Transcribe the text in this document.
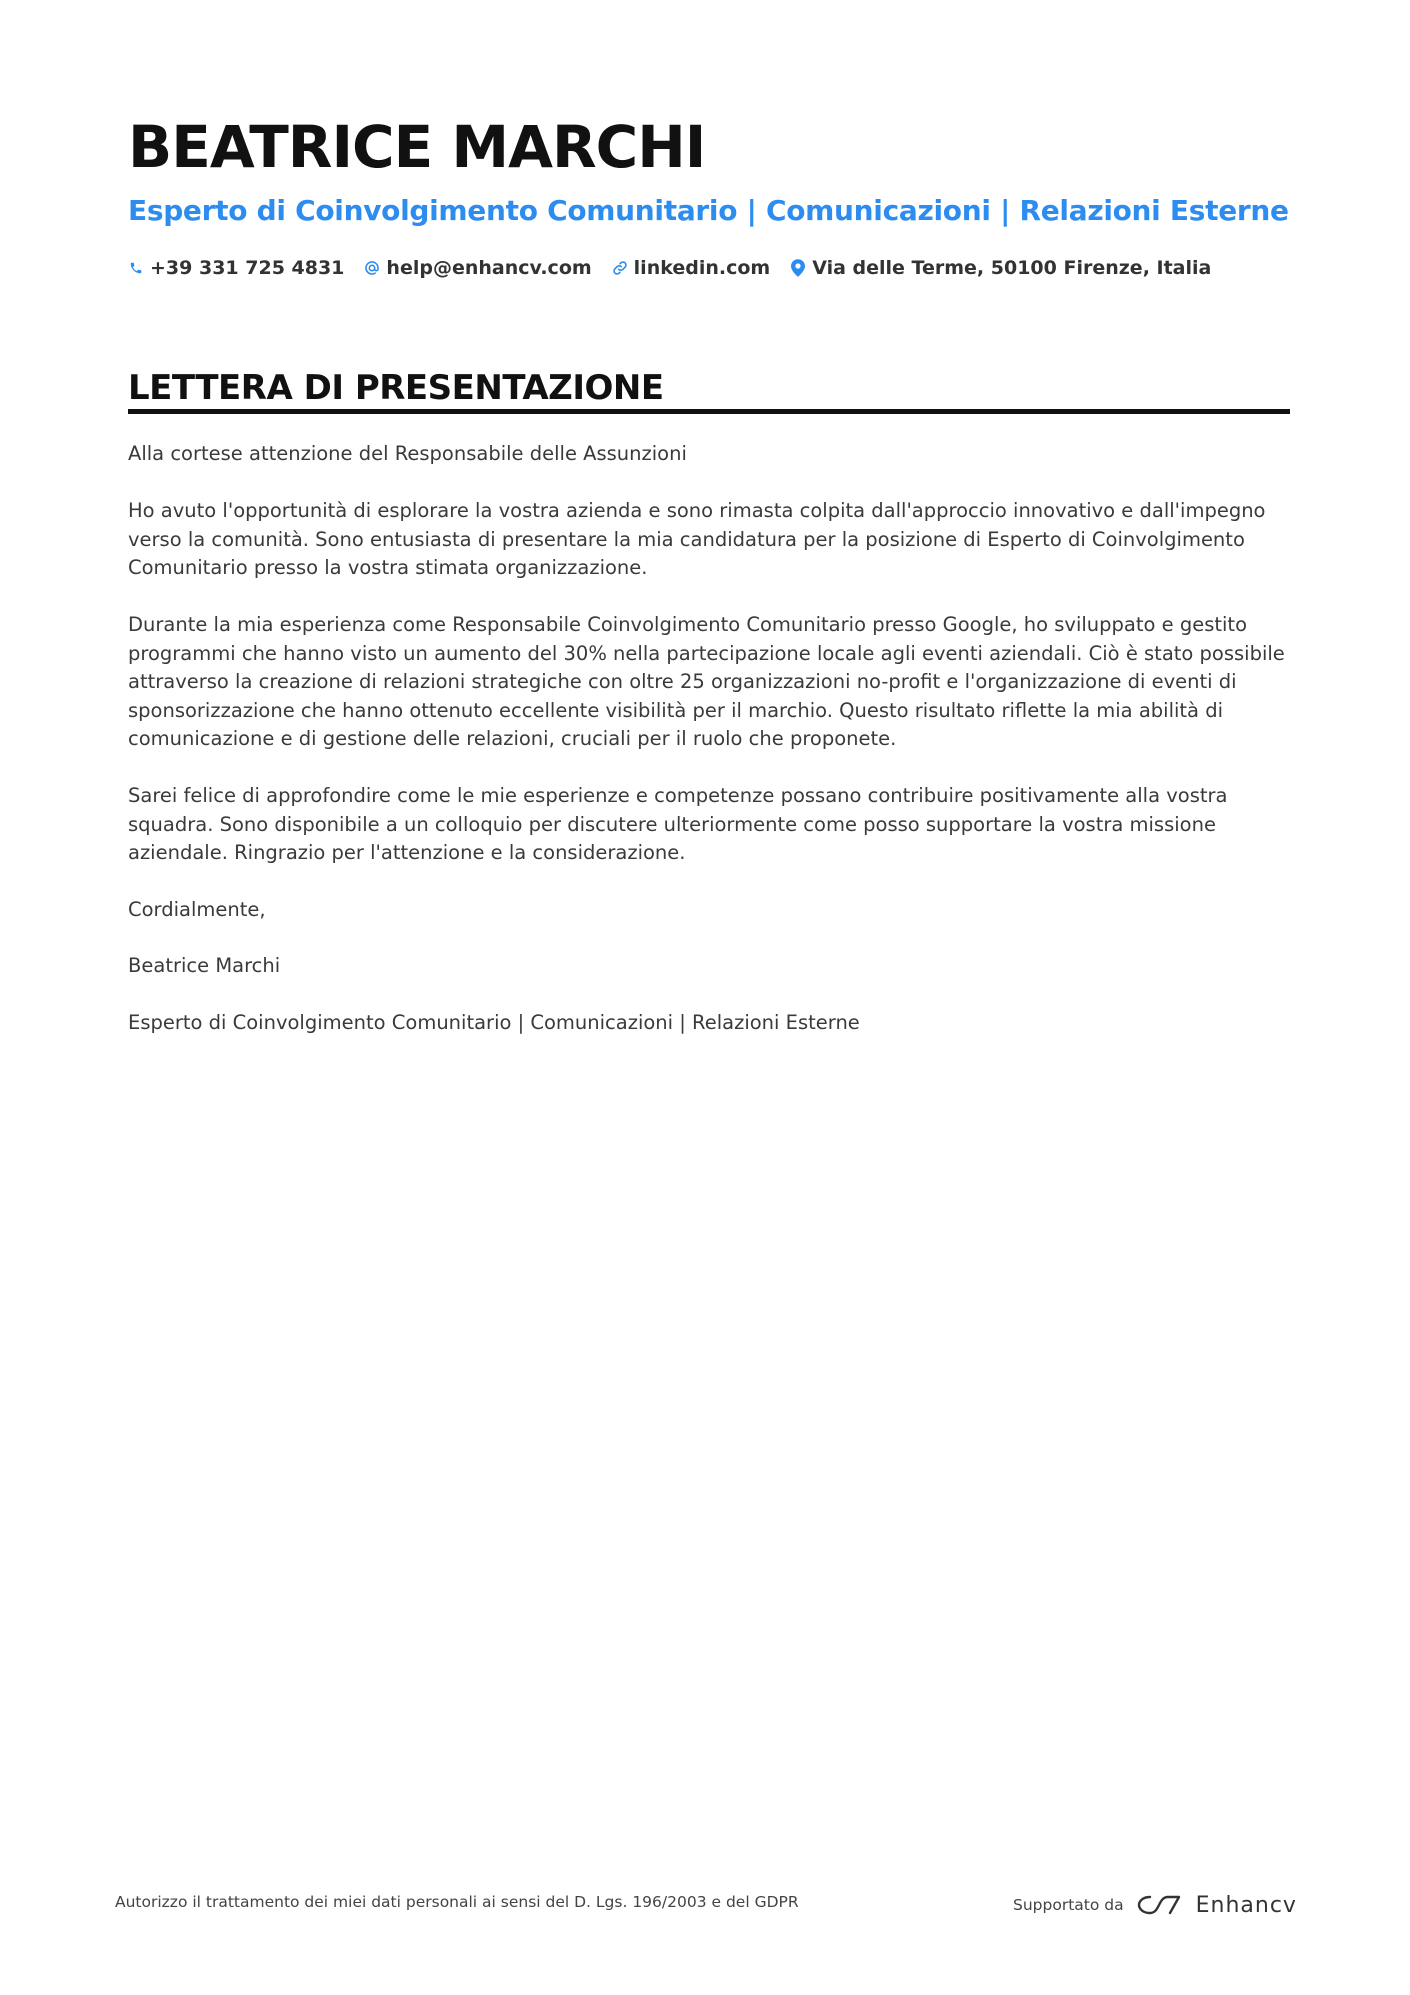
BEATRICE MARCHI
Esperto di Coinvolgimento Comunitario | Comunicazioni | Relazioni Esterne
+39 331 725 4831 help@enhancv.com linkedin.com Via delle Terme, 50100 Firenze, Italia
LETTERA DI PRESENTAZIONE

Alla cortese attenzione del Responsabile delle Assunzioni

Ho avuto l'opportunità di esplorare la vostra azienda e sono rimasta colpita dall'approccio innovativo e dall'impegno verso la comunità. Sono entusiasta di presentare la mia candidatura per la posizione di Esperto di Coinvolgimento Comunitario presso la vostra stimata organizzazione.

Durante la mia esperienza come Responsabile Coinvolgimento Comunitario presso Google, ho sviluppato e gestito programmi che hanno visto un aumento del 30% nella partecipazione locale agli eventi aziendali. Ciò è stato possibile attraverso la creazione di relazioni strategiche con oltre 25 organizzazioni no-profit e l'organizzazione di eventi di sponsorizzazione che hanno ottenuto eccellente visibilità per il marchio. Questo risultato riflette la mia abilità di comunicazione e di gestione delle relazioni, cruciali per il ruolo che proponete.

Sarei felice di approfondire come le mie esperienze e competenze possano contribuire positivamente alla vostra squadra. Sono disponibile a un colloquio per discutere ulteriormente come posso supportare la vostra missione aziendale. Ringrazio per l'attenzione e la considerazione.

Cordialmente,

Beatrice Marchi

Esperto di Coinvolgimento Comunitario | Comunicazioni | Relazioni Esterne

Autorizzo il trattamento dei miei dati personali ai sensi del D. Lgs. 196/2003 e del GDPR	Supportato da	Enhancv
